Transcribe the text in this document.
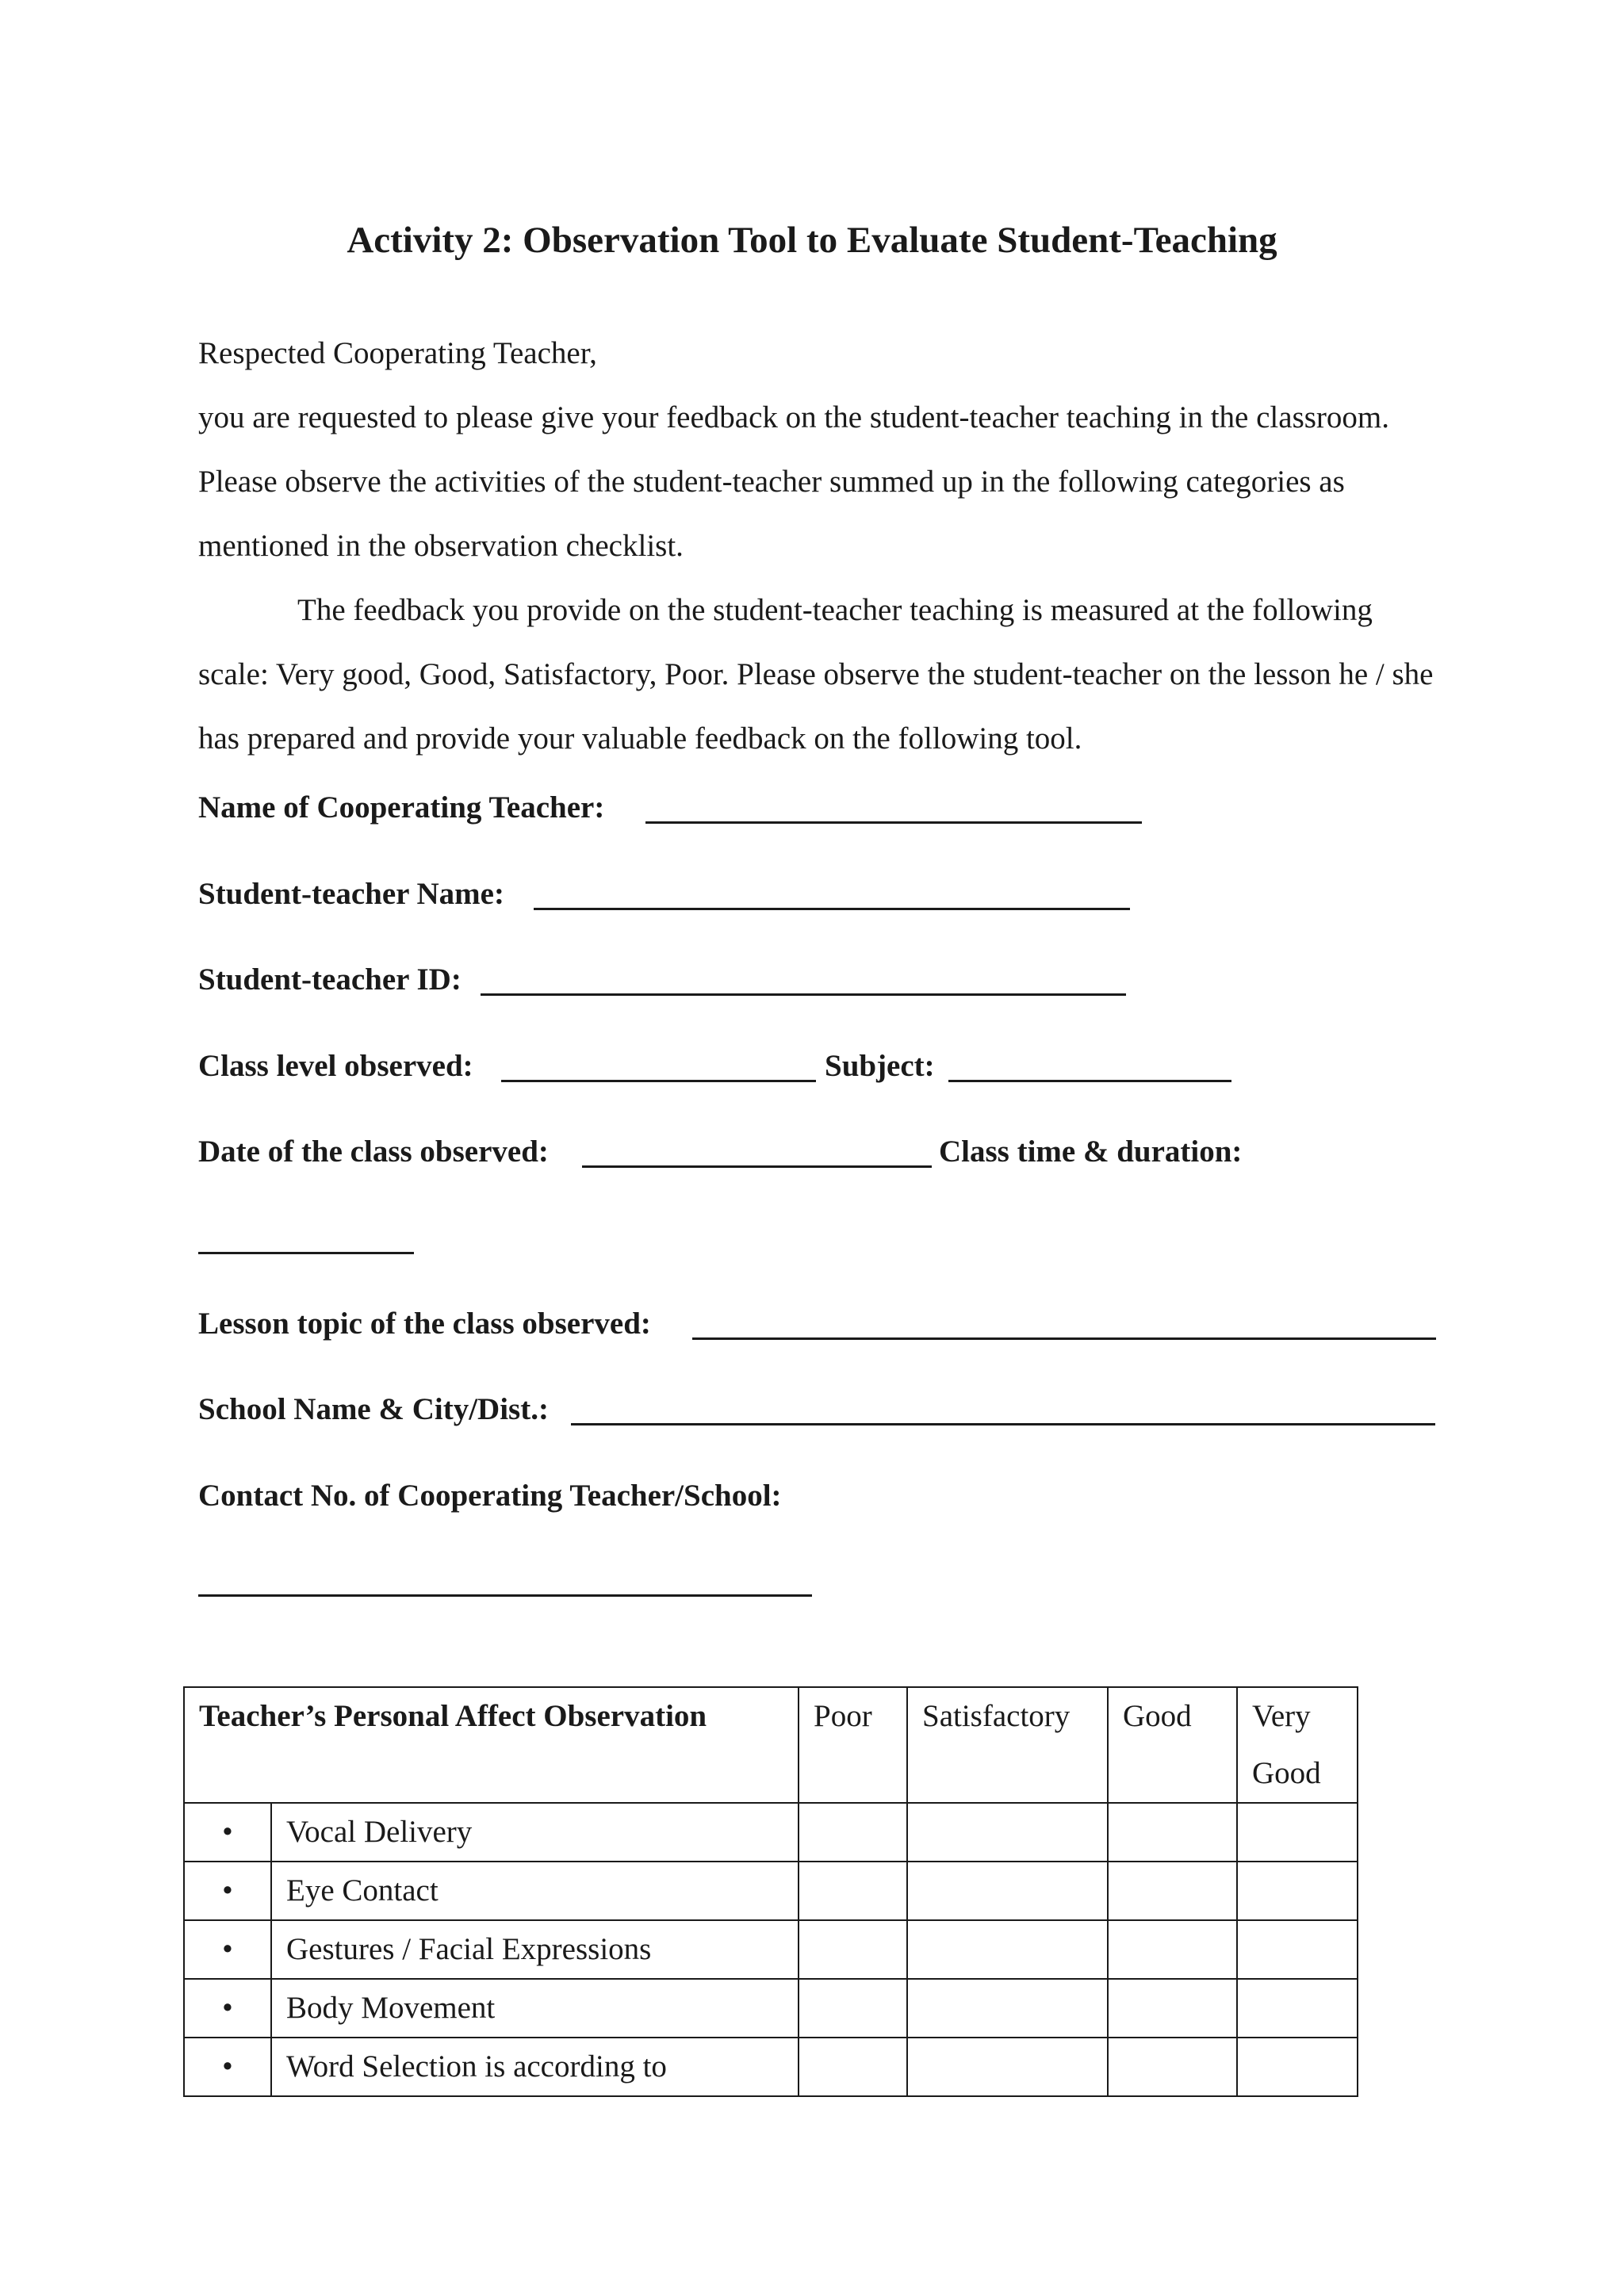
Activity 2: Observation Tool to Evaluate Student-Teaching
Respected Cooperating Teacher,
you are requested to please give your feedback on the student-teacher teaching in the classroom. Please observe the activities of the student-teacher summed up in the following categories as mentioned in the observation checklist.
The feedback you provide on the student-teacher teaching is measured at the following scale: Very good, Good, Satisfactory, Poor. Please observe the student-teacher on the lesson he / she has prepared and provide your valuable feedback on the following tool.
Name of Cooperating Teacher:
Student-teacher Name:
Student-teacher ID:
Class level observed:	Subject:
Date of the class observed:	Class time & duration:
Lesson topic of the class observed:
School Name & City/Dist.:
Contact No. of Cooperating Teacher/School:
Teacher’s Personal Affect Observation		Poor	Satisfactory	Good	Very Good
•	Vocal Delivery				
•	Eye Contact				
•	Gestures / Facial Expressions				
•	Body Movement				
•	Word Selection is according to				
